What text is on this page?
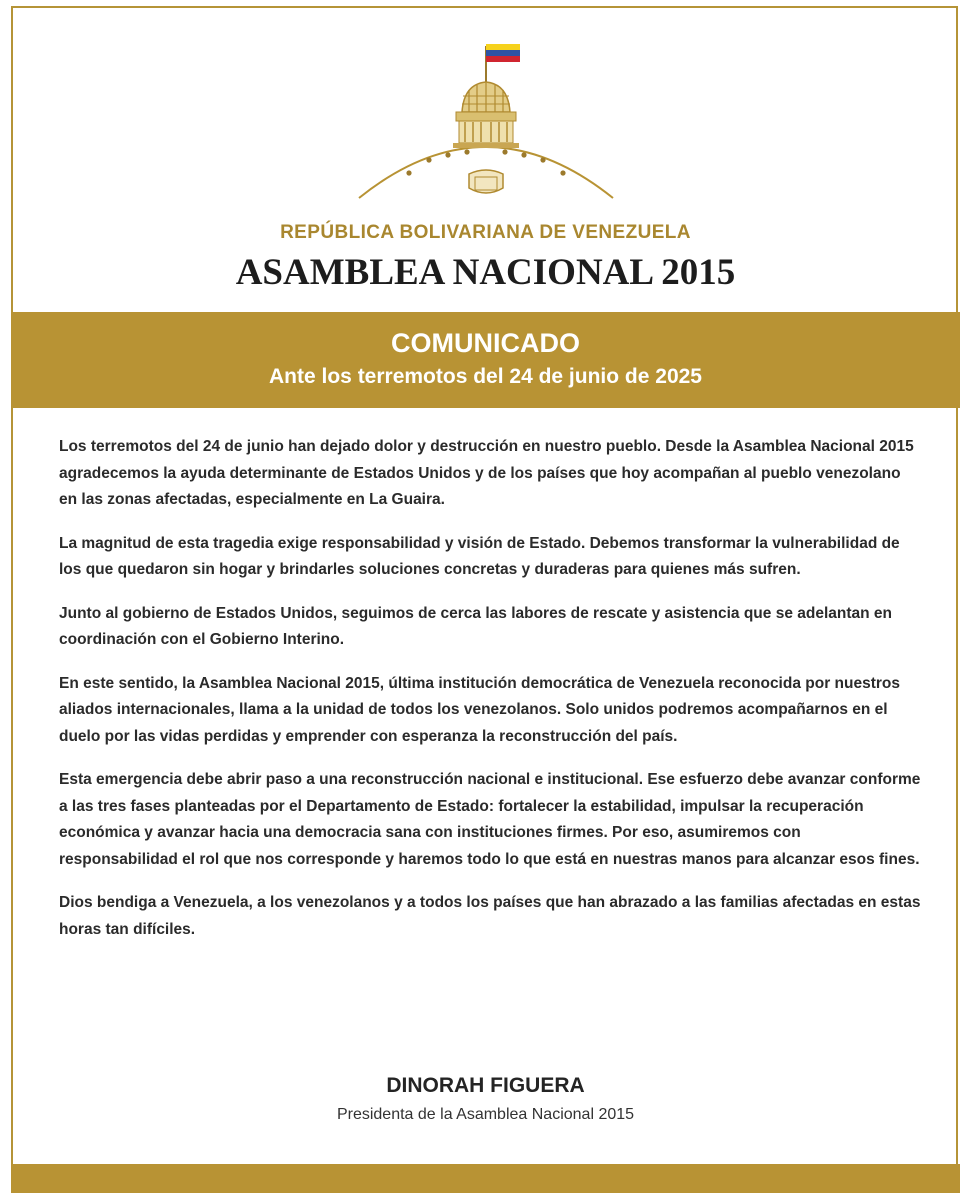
REPÚBLICA BOLIVARIANA DE VENEZUELA
ASAMBLEA NACIONAL 2015
COMUNICADO
Ante los terremotos del 24 de junio de 2025

Los terremotos del 24 de junio han dejado dolor y destrucción en nuestro pueblo. Desde la Asamblea Nacional 2015 agradecemos la ayuda determinante de Estados Unidos y de los países que hoy acompañan al pueblo venezolano en las zonas afectadas, especialmente en La Guaira.

La magnitud de esta tragedia exige responsabilidad y visión de Estado. Debemos transformar la vulnerabilidad de los que quedaron sin hogar y brindarles soluciones concretas y duraderas para quienes más sufren.

Junto al gobierno de Estados Unidos, seguimos de cerca las labores de rescate y asistencia que se adelantan en coordinación con el Gobierno Interino.

En este sentido, la Asamblea Nacional 2015, última institución democrática de Venezuela reconocida por nuestros aliados internacionales, llama a la unidad de todos los venezolanos. Solo unidos podremos acompañarnos en el duelo por las vidas perdidas y emprender con esperanza la reconstrucción del país.

Esta emergencia debe abrir paso a una reconstrucción nacional e institucional. Ese esfuerzo debe avanzar conforme a las tres fases planteadas por el Departamento de Estado: fortalecer la estabilidad, impulsar la recuperación económica y avanzar hacia una democracia sana con instituciones firmes. Por eso, asumiremos con responsabilidad el rol que nos corresponde y haremos todo lo que está en nuestras manos para alcanzar esos fines.

Dios bendiga a Venezuela, a los venezolanos y a todos los países que han abrazado a las familias afectadas en estas horas tan difíciles.

DINORAH FIGUERA
Presidenta de la Asamblea Nacional 2015
